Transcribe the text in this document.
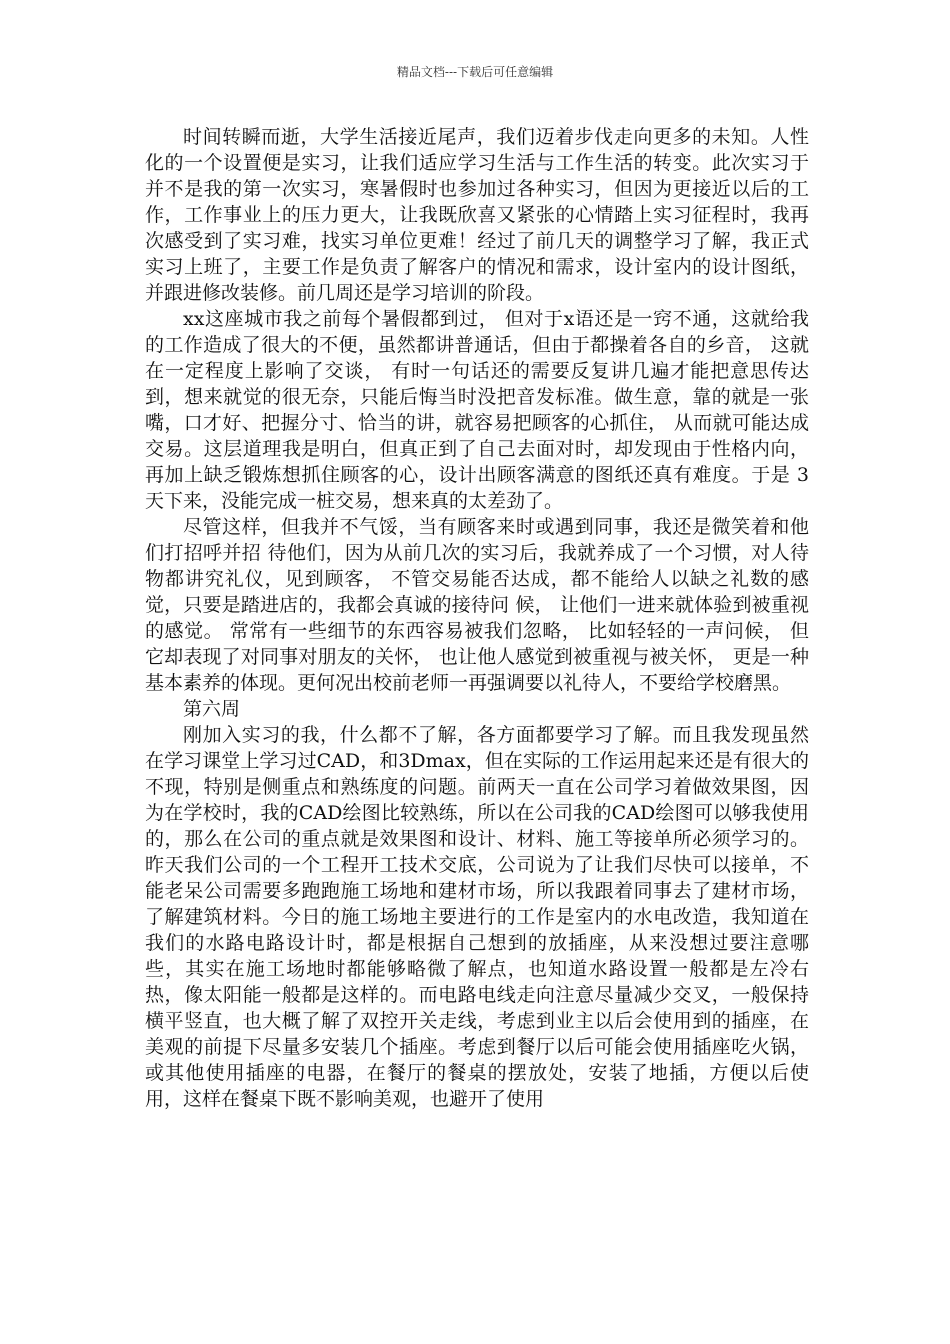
精品文档---下载后可任意编辑

时间转瞬而逝，大学生活接近尾声，我们迈着步伐走向更多的未知。人性化的一个设置便是实习，让我们适应学习生活与工作生活的转变。此次实习于并不是我的第一次实习，寒暑假时也参加过各种实习，但因为更接近以后的工作，工作事业上的压力更大，让我既欣喜又紧张的心情踏上实习征程时，我再次感受到了实习难，找实习单位更难！经过了前几天的调整学习了解，我正式实习上班了，主要工作是负责了解客户的情况和需求，设计室内的设计图纸，并跟进修改装修。前几周还是学习培训的阶段。

xx这座城市我之前每个暑假都到过， 但对于x语还是一窍不通，这就给我的工作造成了很大的不便，虽然都讲普通话，但由于都操着各自的乡音， 这就在一定程度上影响了交谈， 有时一句话还的需要反复讲几遍才能把意思传达到，想来就觉的很无奈，只能后悔当时没把音发标准。做生意，靠的就是一张嘴，口才好、把握分寸、恰当的讲，就容易把顾客的心抓住， 从而就可能达成交易。这层道理我是明白，但真正到了自己去面对时，却发现由于性格内向，再加上缺乏锻炼想抓住顾客的心，设计出顾客满意的图纸还真有难度。于是 3 天下来，没能完成一桩交易，想来真的太差劲了。

尽管这样，但我并不气馁，当有顾客来时或遇到同事，我还是微笑着和他们打招呼并招 待他们，因为从前几次的实习后，我就养成了一个习惯，对人待物都讲究礼仪，见到顾客， 不管交易能否达成，都不能给人以缺之礼数的感觉，只要是踏进店的，我都会真诚的接待问 候， 让他们一进来就体验到被重视的感觉。 常常有一些细节的东西容易被我们忽略， 比如轻轻的一声问候， 但它却表现了对同事对朋友的关怀， 也让他人感觉到被重视与被关怀， 更是一种基本素养的体现。更何况出校前老师一再强调要以礼待人，不要给学校磨黑。

第六周

刚加入实习的我，什么都不了解，各方面都要学习了解。而且我发现虽然在学习课堂上学习过CAD，和3Dmax，但在实际的工作运用起来还是有很大的不现，特别是侧重点和熟练度的问题。前两天一直在公司学习着做效果图，因为在学校时，我的CAD绘图比较熟练，所以在公司我的CAD绘图可以够我使用的，那么在公司的重点就是效果图和设计、材料、施工等接单所必须学习的。昨天我们公司的一个工程开工技术交底，公司说为了让我们尽快可以接单，不能老呆公司需要多跑跑施工场地和建材市场，所以我跟着同事去了建材市场，了解建筑材料。今日的施工场地主要进行的工作是室内的水电改造，我知道在我们的水路电路设计时，都是根据自己想到的放插座，从来没想过要注意哪些，其实在施工场地时都能够略微了解点，也知道水路设置一般都是左冷右热，像太阳能一般都是这样的。而电路电线走向注意尽量减少交叉，一般保持横平竖直，也大概了解了双控开关走线，考虑到业主以后会使用到的插座，在美观的前提下尽量多安装几个插座。考虑到餐厅以后可能会使用插座吃火锅，或其他使用插座的电器，在餐厅的餐桌的摆放处，安装了地插，方便以后使用，这样在餐桌下既不影响美观，也避开了使用
